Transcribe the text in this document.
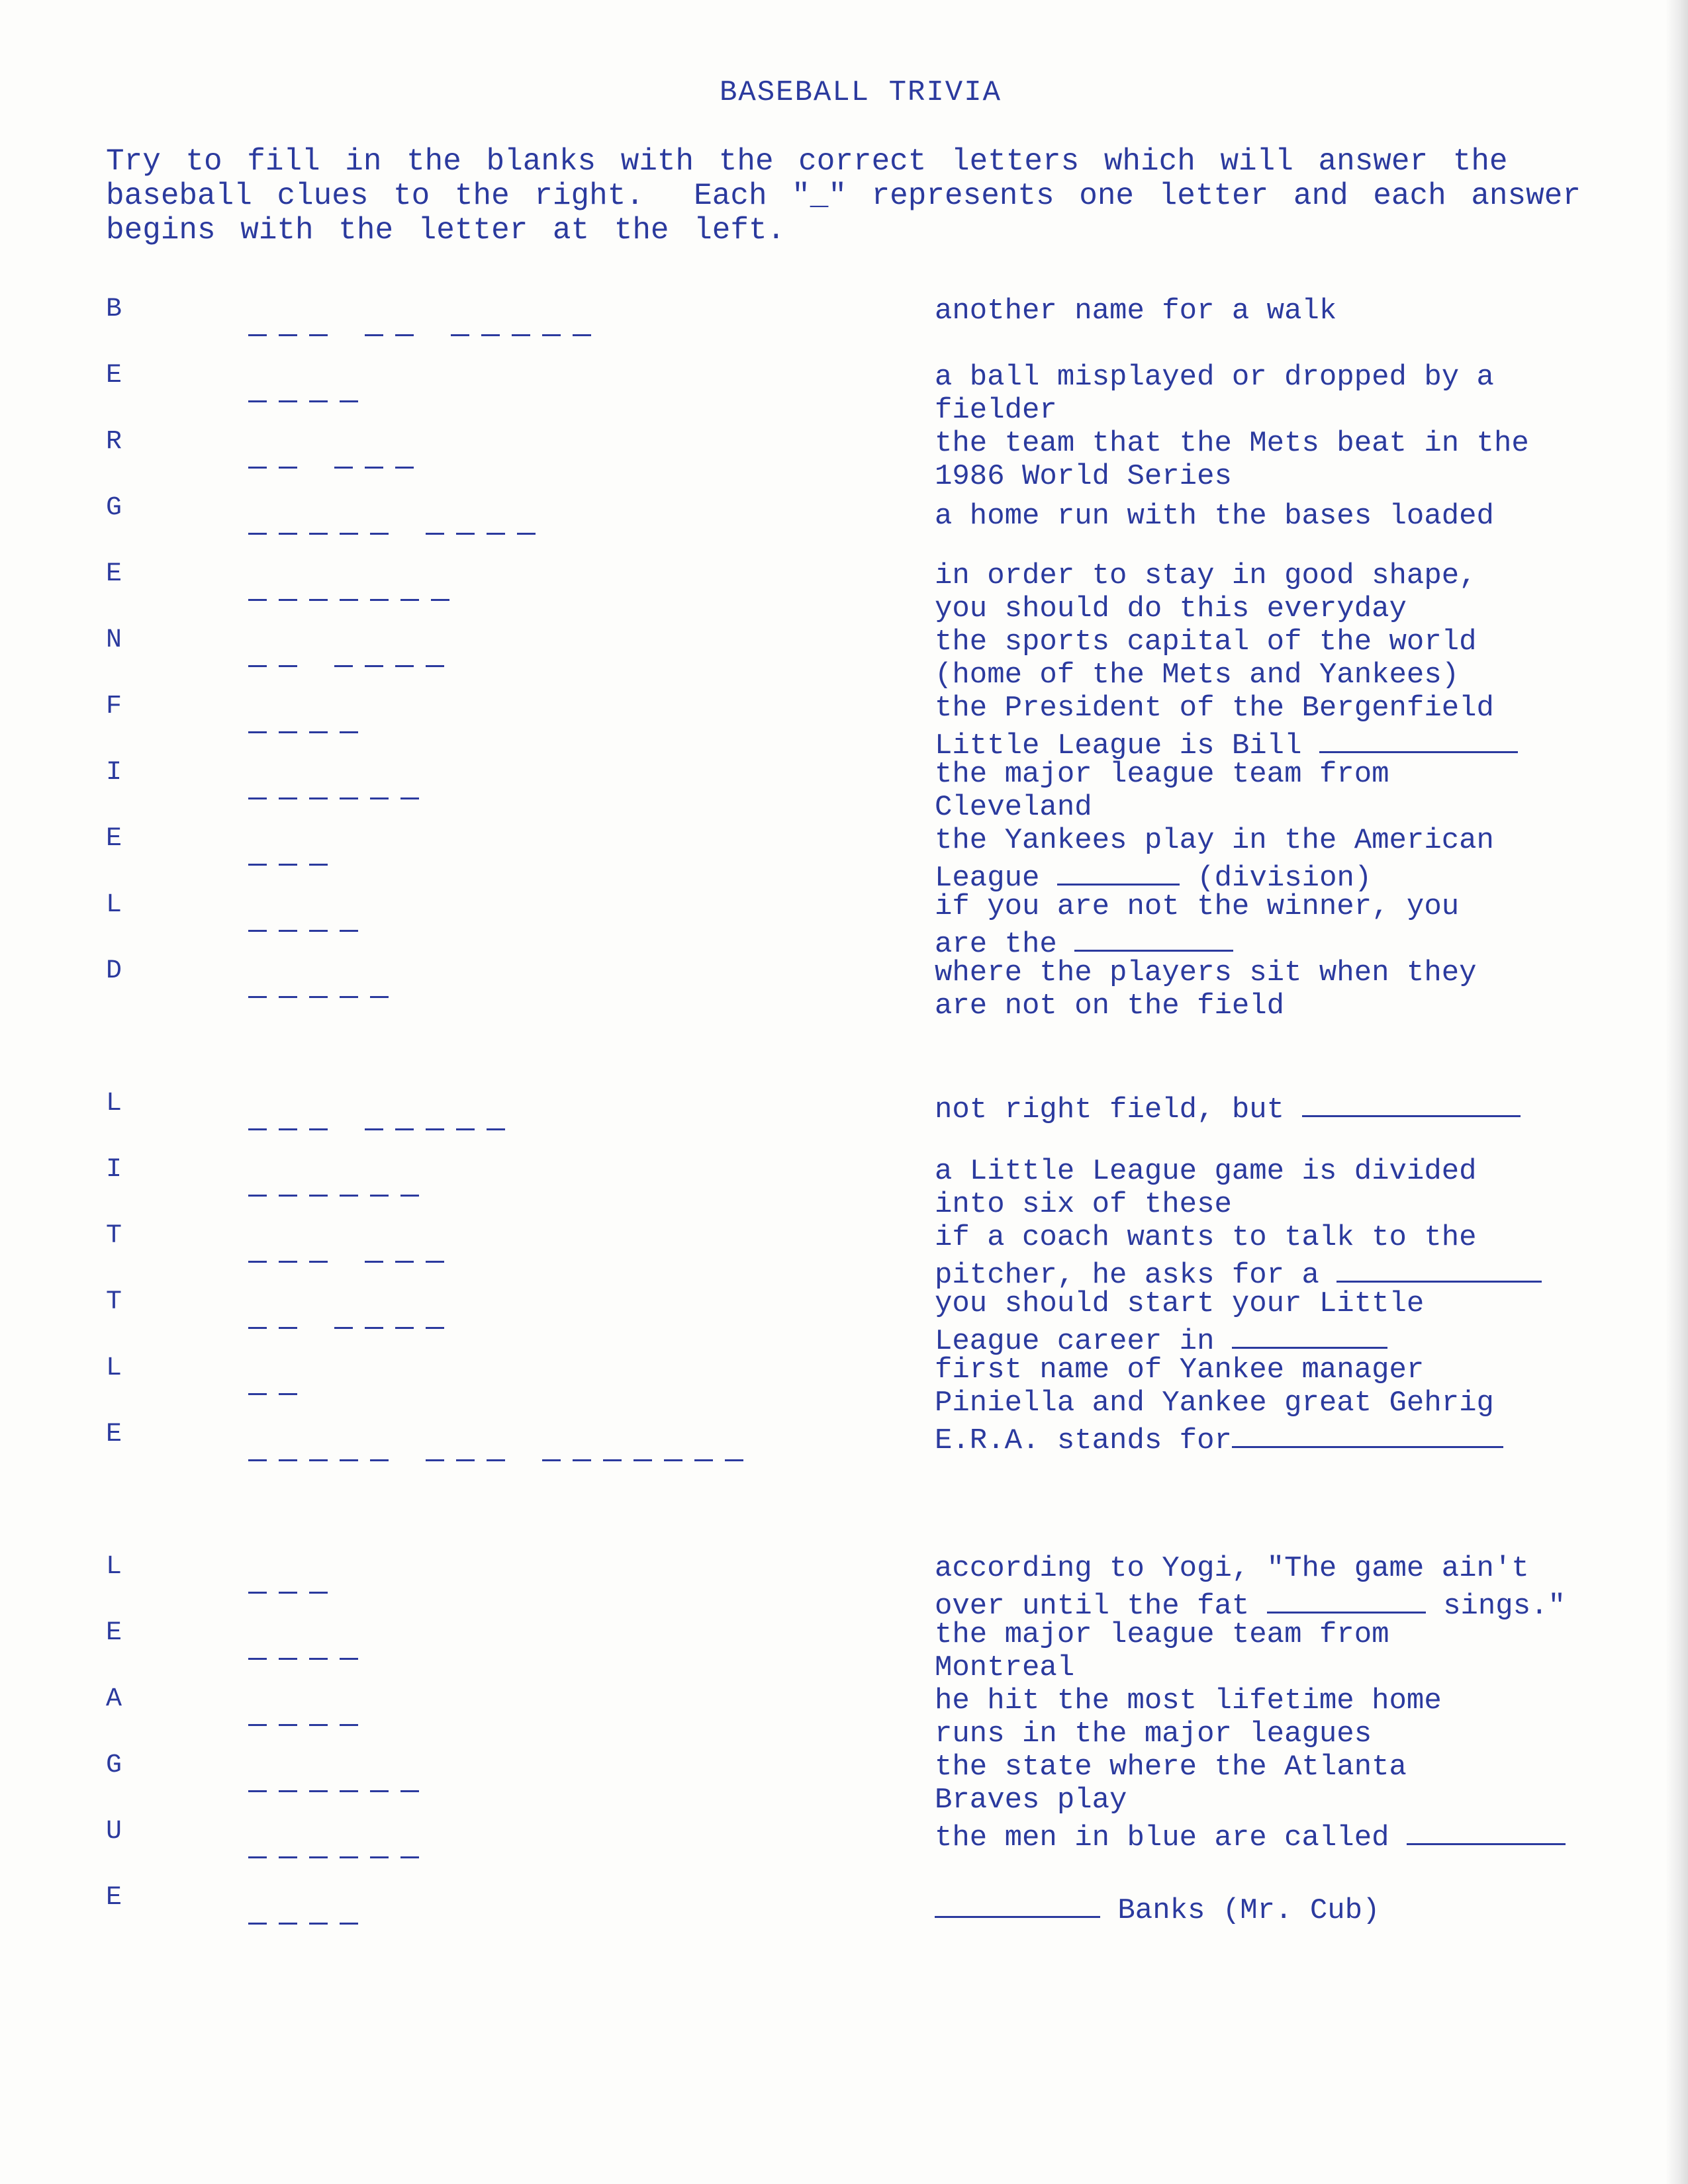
BASEBALL TRIVIA
Try to fill in the blanks with the correct letters which will answer the
baseball clues to the right.  Each "_" represents one letter and each answer
begins with the letter at the left.
B	another name for a walk
E	a ball misplayed or dropped by a
fielder
R	the team that the Mets beat in the
1986 World Series
G	a home run with the bases loaded
E	in order to stay in good shape,
you should do this everyday
N	the sports capital of the world
(home of the Mets and Yankees)
F	the President of the Bergenfield
Little League is Bill
I	the major league team from
Cleveland
E	the Yankees play in the American
League	(division)
L	if you are not the winner, you
are the
D	where the players sit when they
are not on the field
L	not right field, but
I	a Little League game is divided
into six of these
T	if a coach wants to talk to the
pitcher, he asks for a
T	you should start your Little
League career in
L	first name of Yankee manager
Piniella and Yankee great Gehrig
E	E.R.A. stands for
L	according to Yogi, "The game ain't
over until the fat	sings."
E	the major league team from
Montreal
A	he hit the most lifetime home
runs in the major leagues
G	the state where the Atlanta
Braves play
U	the men in blue are called
E	Banks (Mr. Cub)
